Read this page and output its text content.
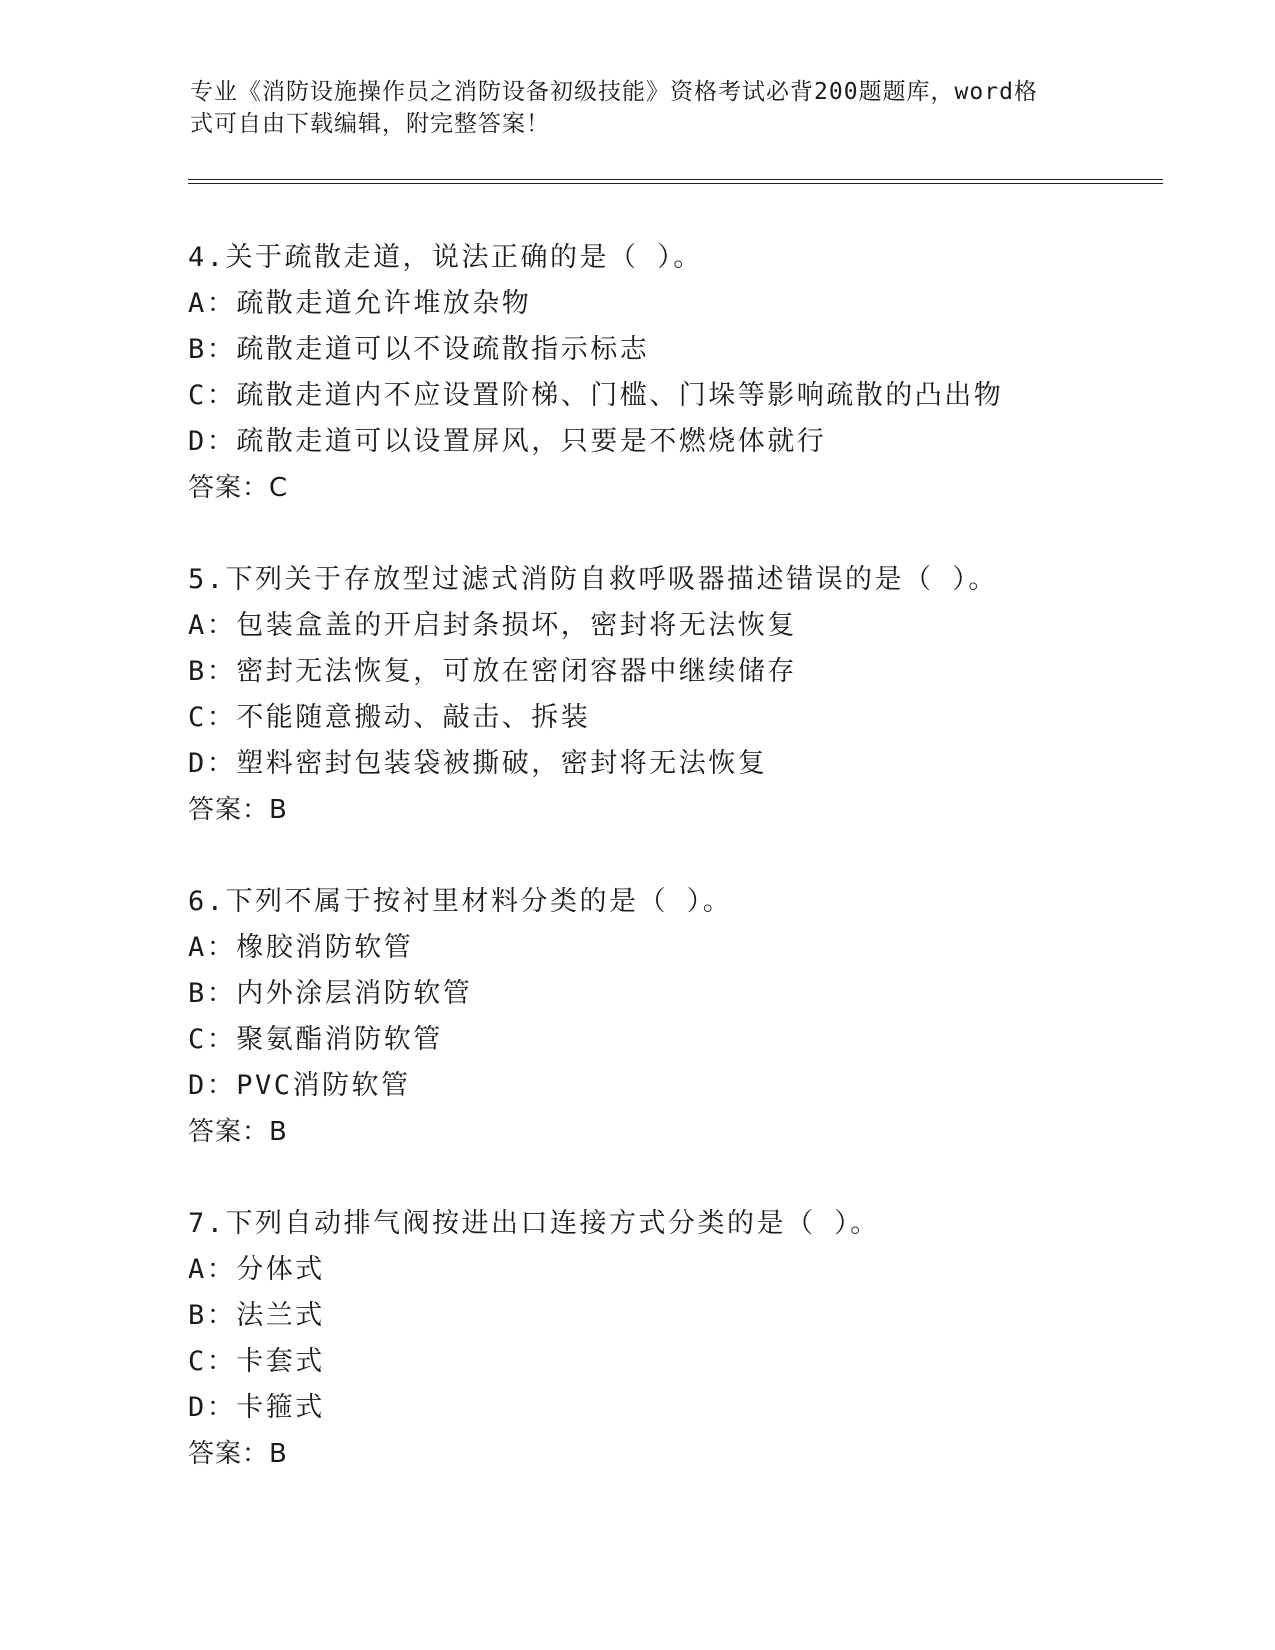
专业《消防设施操作员之消防设备初级技能》资格考试必背200题题库，word格

式可自由下载编辑，附完整答案！

4.关于疏散走道，说法正确的是（ ）。
A：疏散走道允许堆放杂物
B：疏散走道可以不设疏散指示标志
C：疏散走道内不应设置阶梯、门槛、门垛等影响疏散的凸出物
D：疏散走道可以设置屏风，只要是不燃烧体就行
答案：C
5.下列关于存放型过滤式消防自救呼吸器描述错误的是（ ）。
A：包装盒盖的开启封条损坏，密封将无法恢复
B：密封无法恢复，可放在密闭容器中继续储存
C：不能随意搬动、敲击、拆装
D：塑料密封包装袋被撕破，密封将无法恢复
答案：B
6.下列不属于按衬里材料分类的是（ ）。
A：橡胶消防软管
B：内外涂层消防软管
C：聚氨酯消防软管
D：PVC消防软管
答案：B
7.下列自动排气阀按进出口连接方式分类的是（ ）。
A：分体式
B：法兰式
C：卡套式
D：卡箍式
答案：B
